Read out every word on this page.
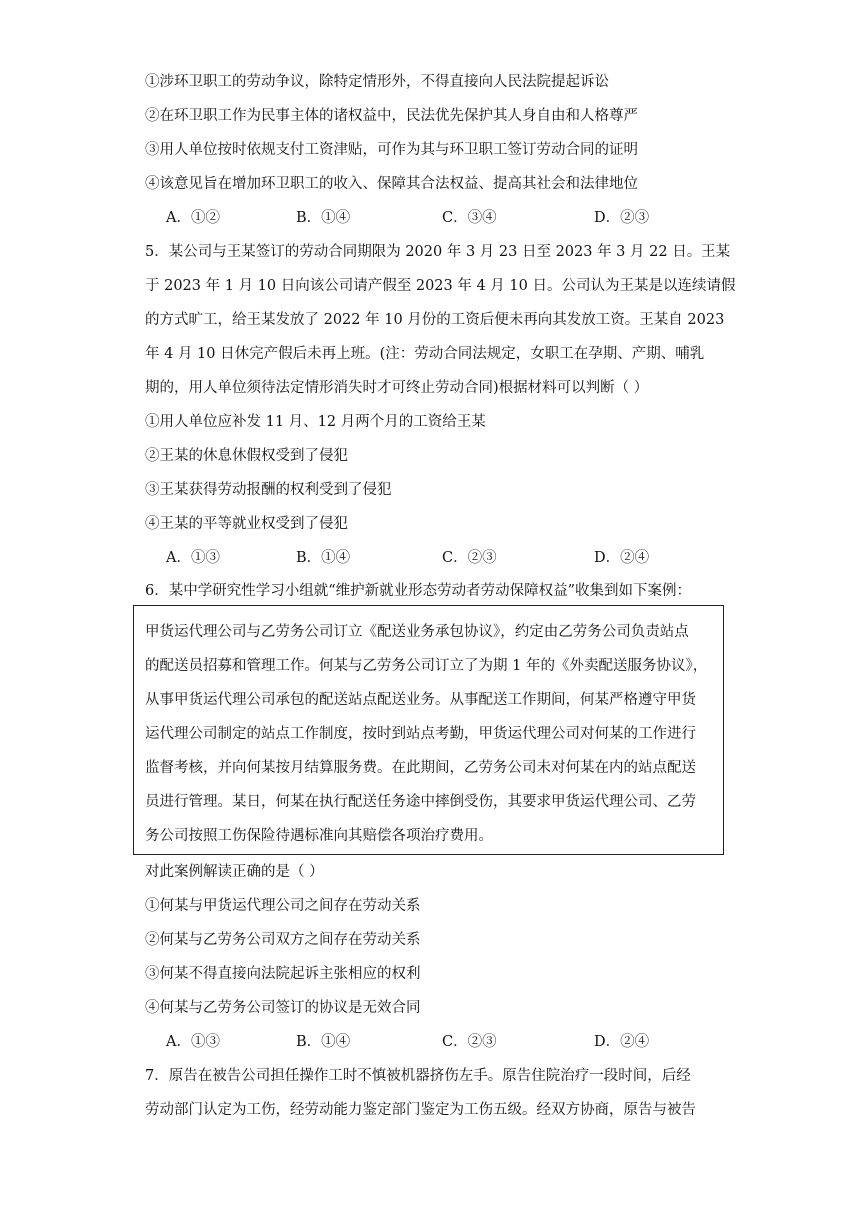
①涉环卫职工的劳动争议，除特定情形外，不得直接向人民法院提起诉讼
②在环卫职工作为民事主体的诸权益中，民法优先保护其人身自由和人格尊严
③用人单位按时依规支付工资津贴，可作为其与环卫职工签订劳动合同的证明
④该意见旨在增加环卫职工的收入、保障其合法权益、提高其社会和法律地位
A．①②	B．①④	C．③④	D．②③
5．某公司与王某签订的劳动合同期限为 2020 年 3 月 23 日至 2023 年 3 月 22 日。王某
于 2023 年 1 月 10 日向该公司请产假至 2023 年 4 月 10 日。公司认为王某是以连续请假
的方式旷工，给王某发放了 2022 年 10 月份的工资后便未再向其发放工资。王某自 2023
年 4 月 10 日休完产假后未再上班。(注：劳动合同法规定，女职工在孕期、产期、哺乳
期的，用人单位须待法定情形消失时才可终止劳动合同)根据材料可以判断（ ）
①用人单位应补发 11 月、12 月两个月的工资给王某
②王某的休息休假权受到了侵犯
③王某获得劳动报酬的权利受到了侵犯
④王某的平等就业权受到了侵犯
A．①③	B．①④	C．②③	D．②④
6．某中学研究性学习小组就“维护新就业形态劳动者劳动保障权益”收集到如下案例：
甲货运代理公司与乙劳务公司订立《配送业务承包协议》，约定由乙劳务公司负责站点
的配送员招募和管理工作。何某与乙劳务公司订立了为期 1 年的《外卖配送服务协议》，
从事甲货运代理公司承包的配送站点配送业务。从事配送工作期间，何某严格遵守甲货
运代理公司制定的站点工作制度，按时到站点考勤，甲货运代理公司对何某的工作进行
监督考核，并向何某按月结算服务费。在此期间，乙劳务公司未对何某在内的站点配送
员进行管理。某日，何某在执行配送任务途中摔倒受伤，其要求甲货运代理公司、乙劳
务公司按照工伤保险待遇标准向其赔偿各项治疗费用。
对此案例解读正确的是（ ）
①何某与甲货运代理公司之间存在劳动关系
②何某与乙劳务公司双方之间存在劳动关系
③何某不得直接向法院起诉主张相应的权利
④何某与乙劳务公司签订的协议是无效合同
A．①③	B．①④	C．②③	D．②④
7．原告在被告公司担任操作工时不慎被机器挤伤左手。原告住院治疗一段时间，后经
劳动部门认定为工伤，经劳动能力鉴定部门鉴定为工伤五级。经双方协商，原告与被告
